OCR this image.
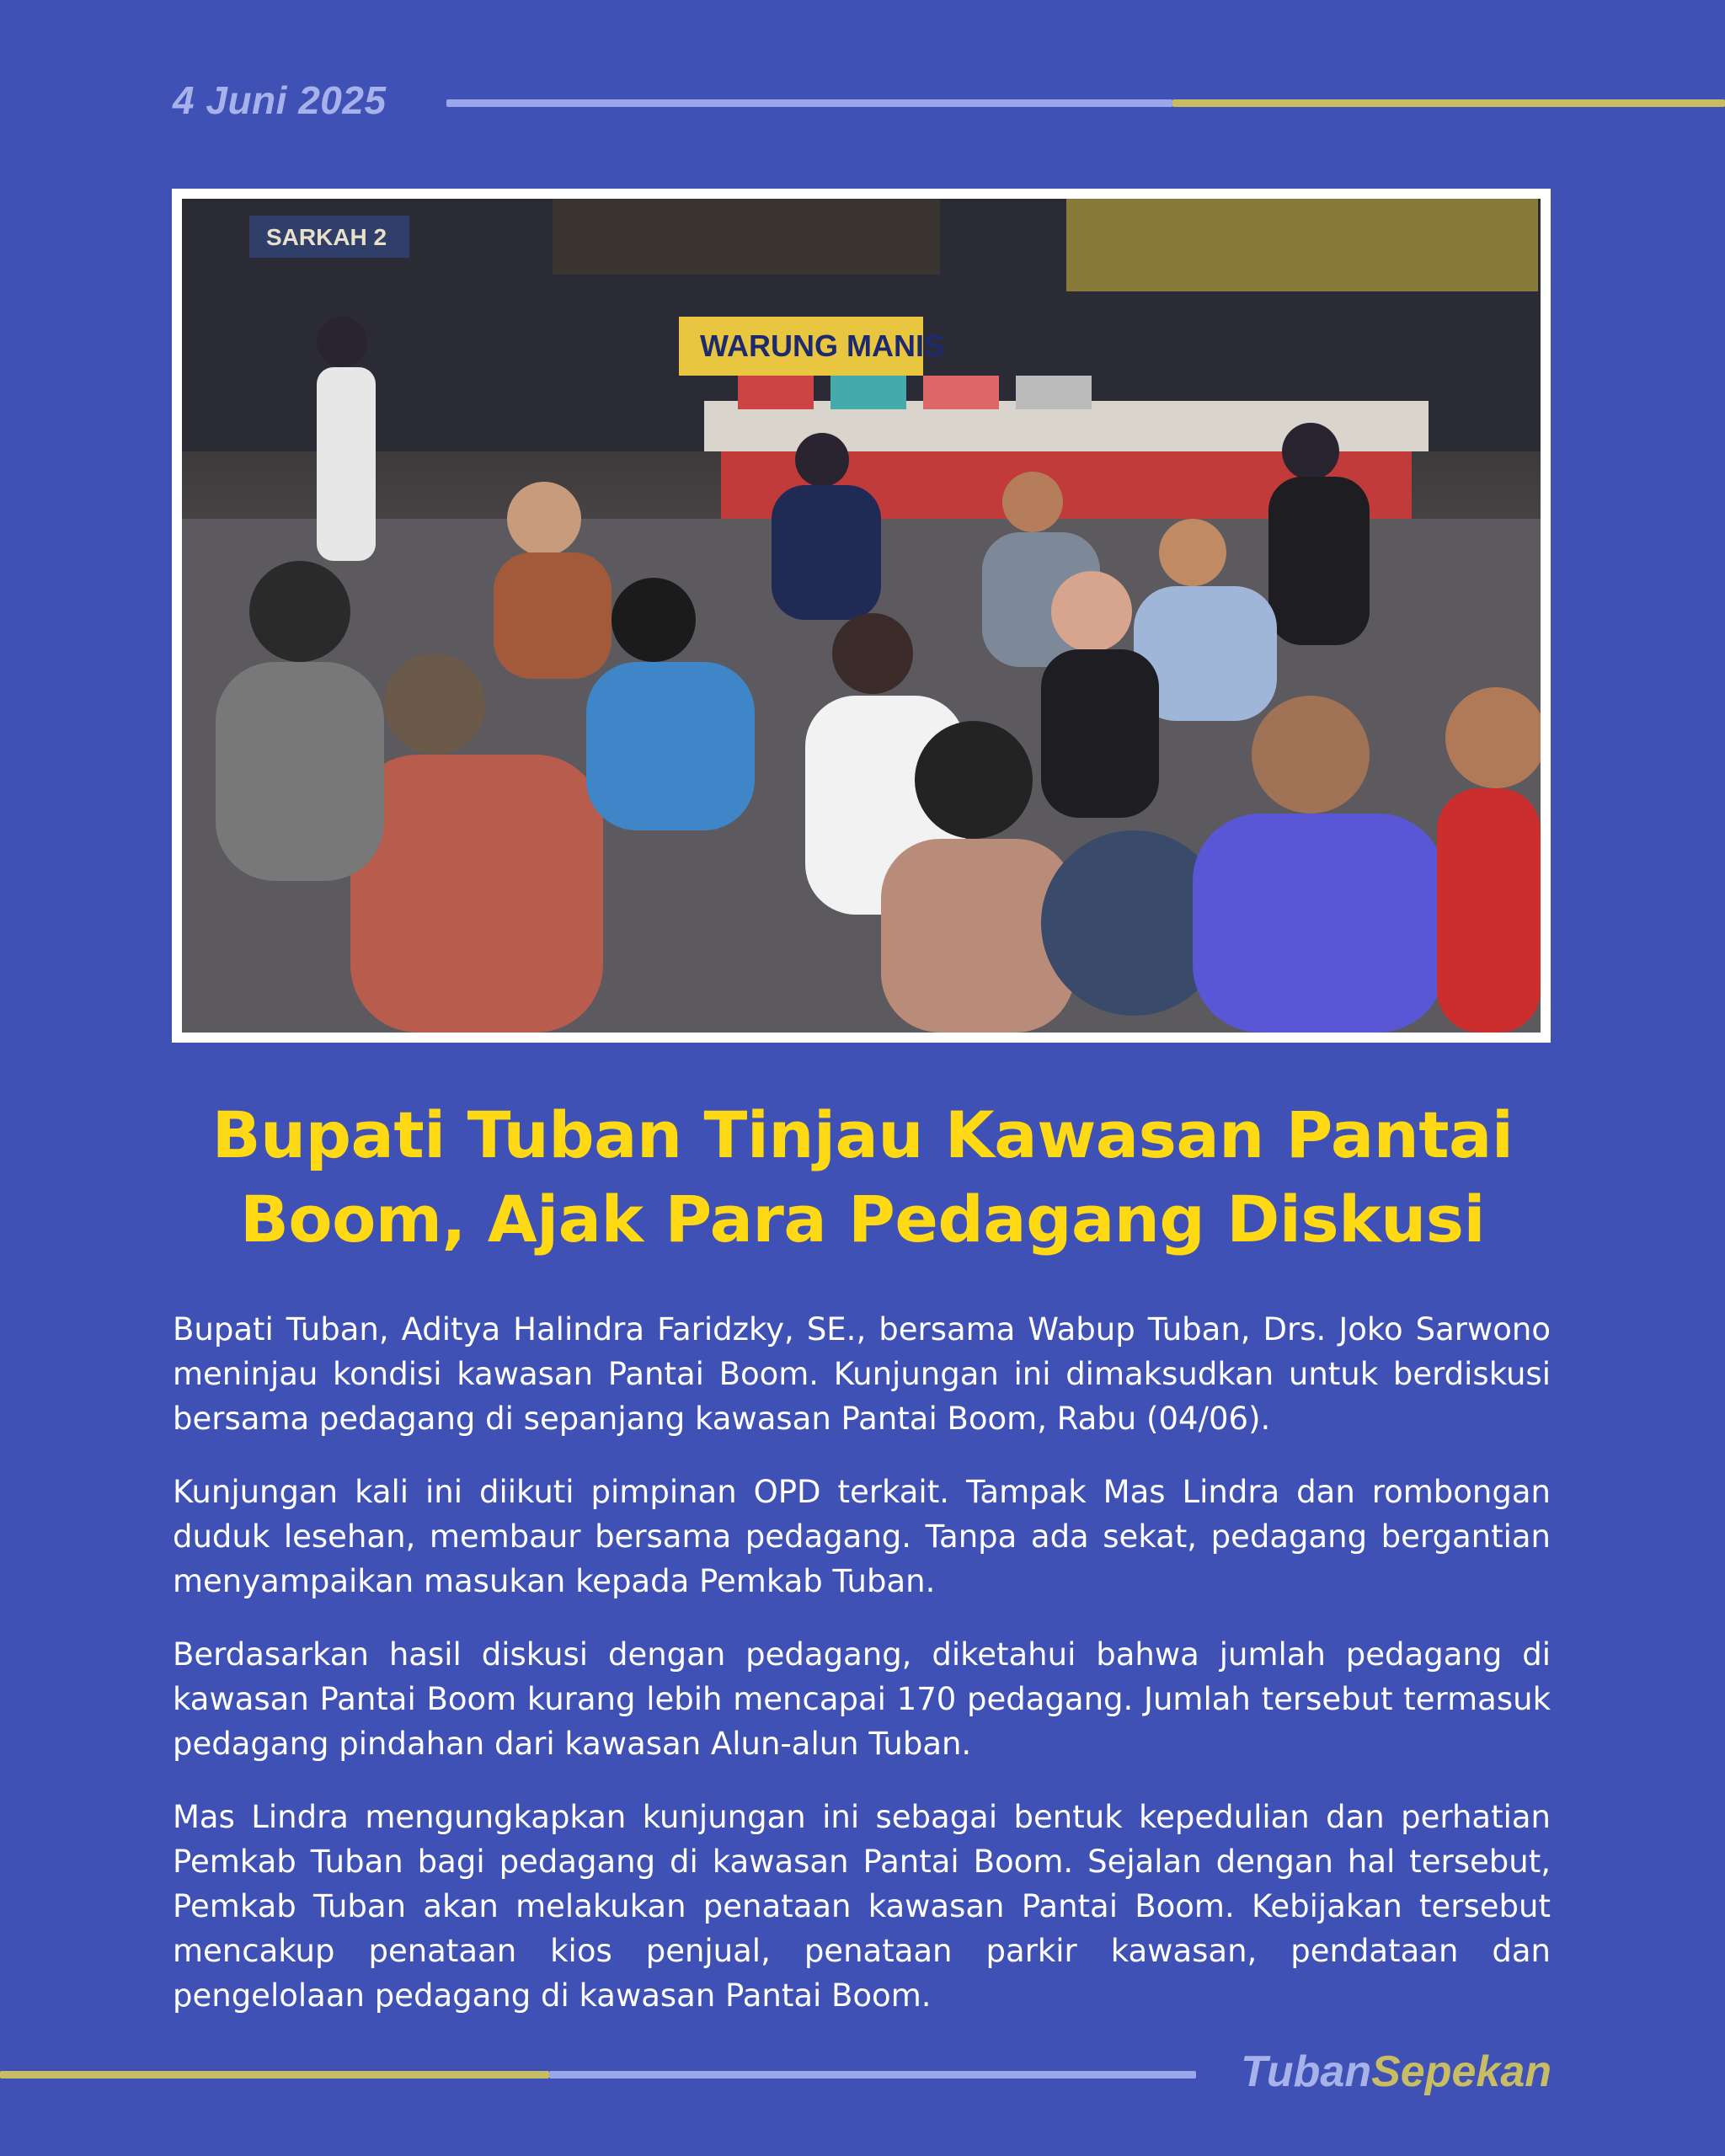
4 Juni 2025
SARKAH 2
WARUNG MANIS
Bupati Tuban Tinjau Kawasan Pantai Boom, Ajak Para Pedagang Diskusi

Bupati Tuban, Aditya Halindra Faridzky, SE., bersama Wabup Tuban, Drs. Joko Sarwono meninjau kondisi kawasan Pantai Boom. Kunjungan ini dimaksudkan untuk berdiskusi bersama pedagang di sepanjang kawasan Pantai Boom, Rabu (04/06).

Kunjungan kali ini diikuti pimpinan OPD terkait. Tampak Mas Lindra dan rombongan duduk lesehan, membaur bersama pedagang. Tanpa ada sekat, pedagang bergantian menyampaikan masukan kepada Pemkab Tuban.

Berdasarkan hasil diskusi dengan pedagang, diketahui bahwa jumlah pedagang di kawasan Pantai Boom kurang lebih mencapai 170 pedagang. Jumlah tersebut termasuk pedagang pindahan dari kawasan Alun-alun Tuban.

Mas Lindra mengungkapkan kunjungan ini sebagai bentuk kepedulian dan perhatian Pemkab Tuban bagi pedagang di kawasan Pantai Boom. Sejalan dengan hal tersebut, Pemkab Tuban akan melakukan penataan kawasan Pantai Boom. Kebijakan tersebut mencakup penataan kios penjual, penataan parkir kawasan, pendataan dan pengelolaan pedagang di kawasan Pantai Boom.

TubanSepekan
